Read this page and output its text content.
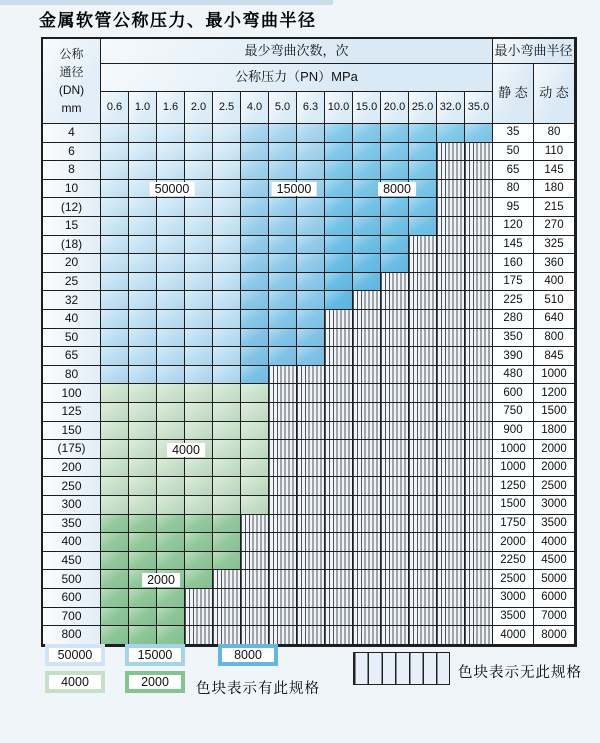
金属软管公称压力、最小弯曲半径
公称
通径
(DN)
mm
最少弯曲次数，次	最小弯曲半径
公称压力（PN）MPa
静 态 动 态
0.6	1.0	1.6	2.0	2.5	4.0	5.0	6.3 10.0 15.0 20.0 25.0 32.0 35.0
4	35	80
6	50	110
8	65	145
10	80	180
(12)	95	215
15	120	270
(18)	145	325
20	160	360
25	175	400
32	225	510
40	280	640
50	350	800
65	390	845
80	480	1000
100	600	1200
125	750	1500
150	900	1800
(175)	1000	2000
200	1000	2000
250	1250	2500
300	1500	3000
350	1750	3500
400	2000	4000
450	2250	4500
500	2500	5000
600	3000	6000
700	3500	7000
800	4000	8000
50000	15000	8000
4000
2000
50000	15000	8000
4000	2000
色块表示无此规格
色块表示有此规格
